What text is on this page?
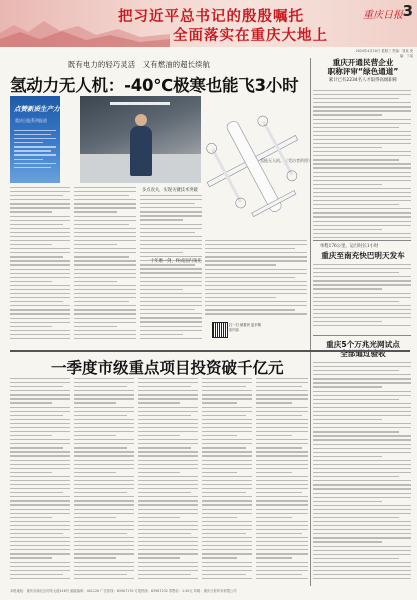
把习近平总书记的殷殷嘱托
全面落实在重庆大地上
重庆日报 3
2024年4月10日 星期三 责编：刘某 美编：丁某
既有电力的轻巧灵活　又有燃油的超长续航
氢动力无人机：-40℃极寒也能飞3小时
点赞新质生产力
重庆日报系列报道
氢能无人机。（受访者供图）
重庆开通民营企业
职称评审“绿色通道”
累计已有2234名人才取得高级职称
单程176公里，运行时长1小时
重庆至南充快巴明天发车
重庆5个万兆光网试点
全部通过验收
多点攻关，实现关键技术突破
十年磨一剑，终成国内领先
扫一扫 就看到 更多精彩内容
一季度市级重点项目投资破千亿元
本报地址：重庆市渝北区同茂大道416号 邮政编码：401120 广告热线：63907170 订报热线：63907232 零售价：1.50元 印刷：重庆日报印务有限公司
